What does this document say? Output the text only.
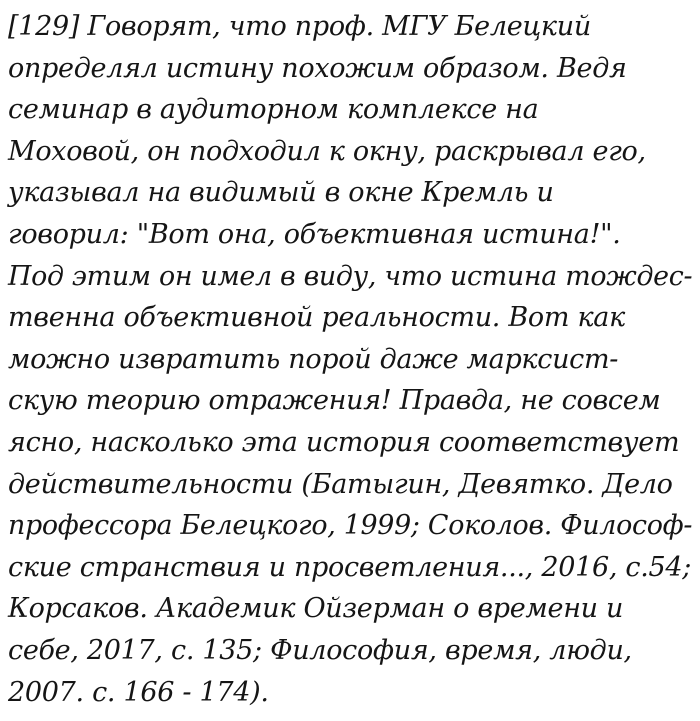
[129] Говорят, что проф. МГУ Белецкий
определял истину похожим образом. Ведя
семинар в аудиторном комплексе на
Моховой, он подходил к окну, раскрывал его,
указывал на видимый в окне Кремль и
говорил: "Вот она, объективная истина!".
Под этим он имел в виду, что истина тождес-
твенна объективной реальности. Вот как
можно извратить порой даже марксист-
скую теорию отражения! Правда, не совсем
ясно, насколько эта история соответствует
действительности (Батыгин, Девятко. Дело
профессора Белецкого, 1999; Соколов. Философ-
ские странствия и просветления..., 2016, с.54;
Корсаков. Академик Ойзерман о времени и
себе, 2017, с. 135; Философия, время, люди,
2007. с. 166 - 174).
